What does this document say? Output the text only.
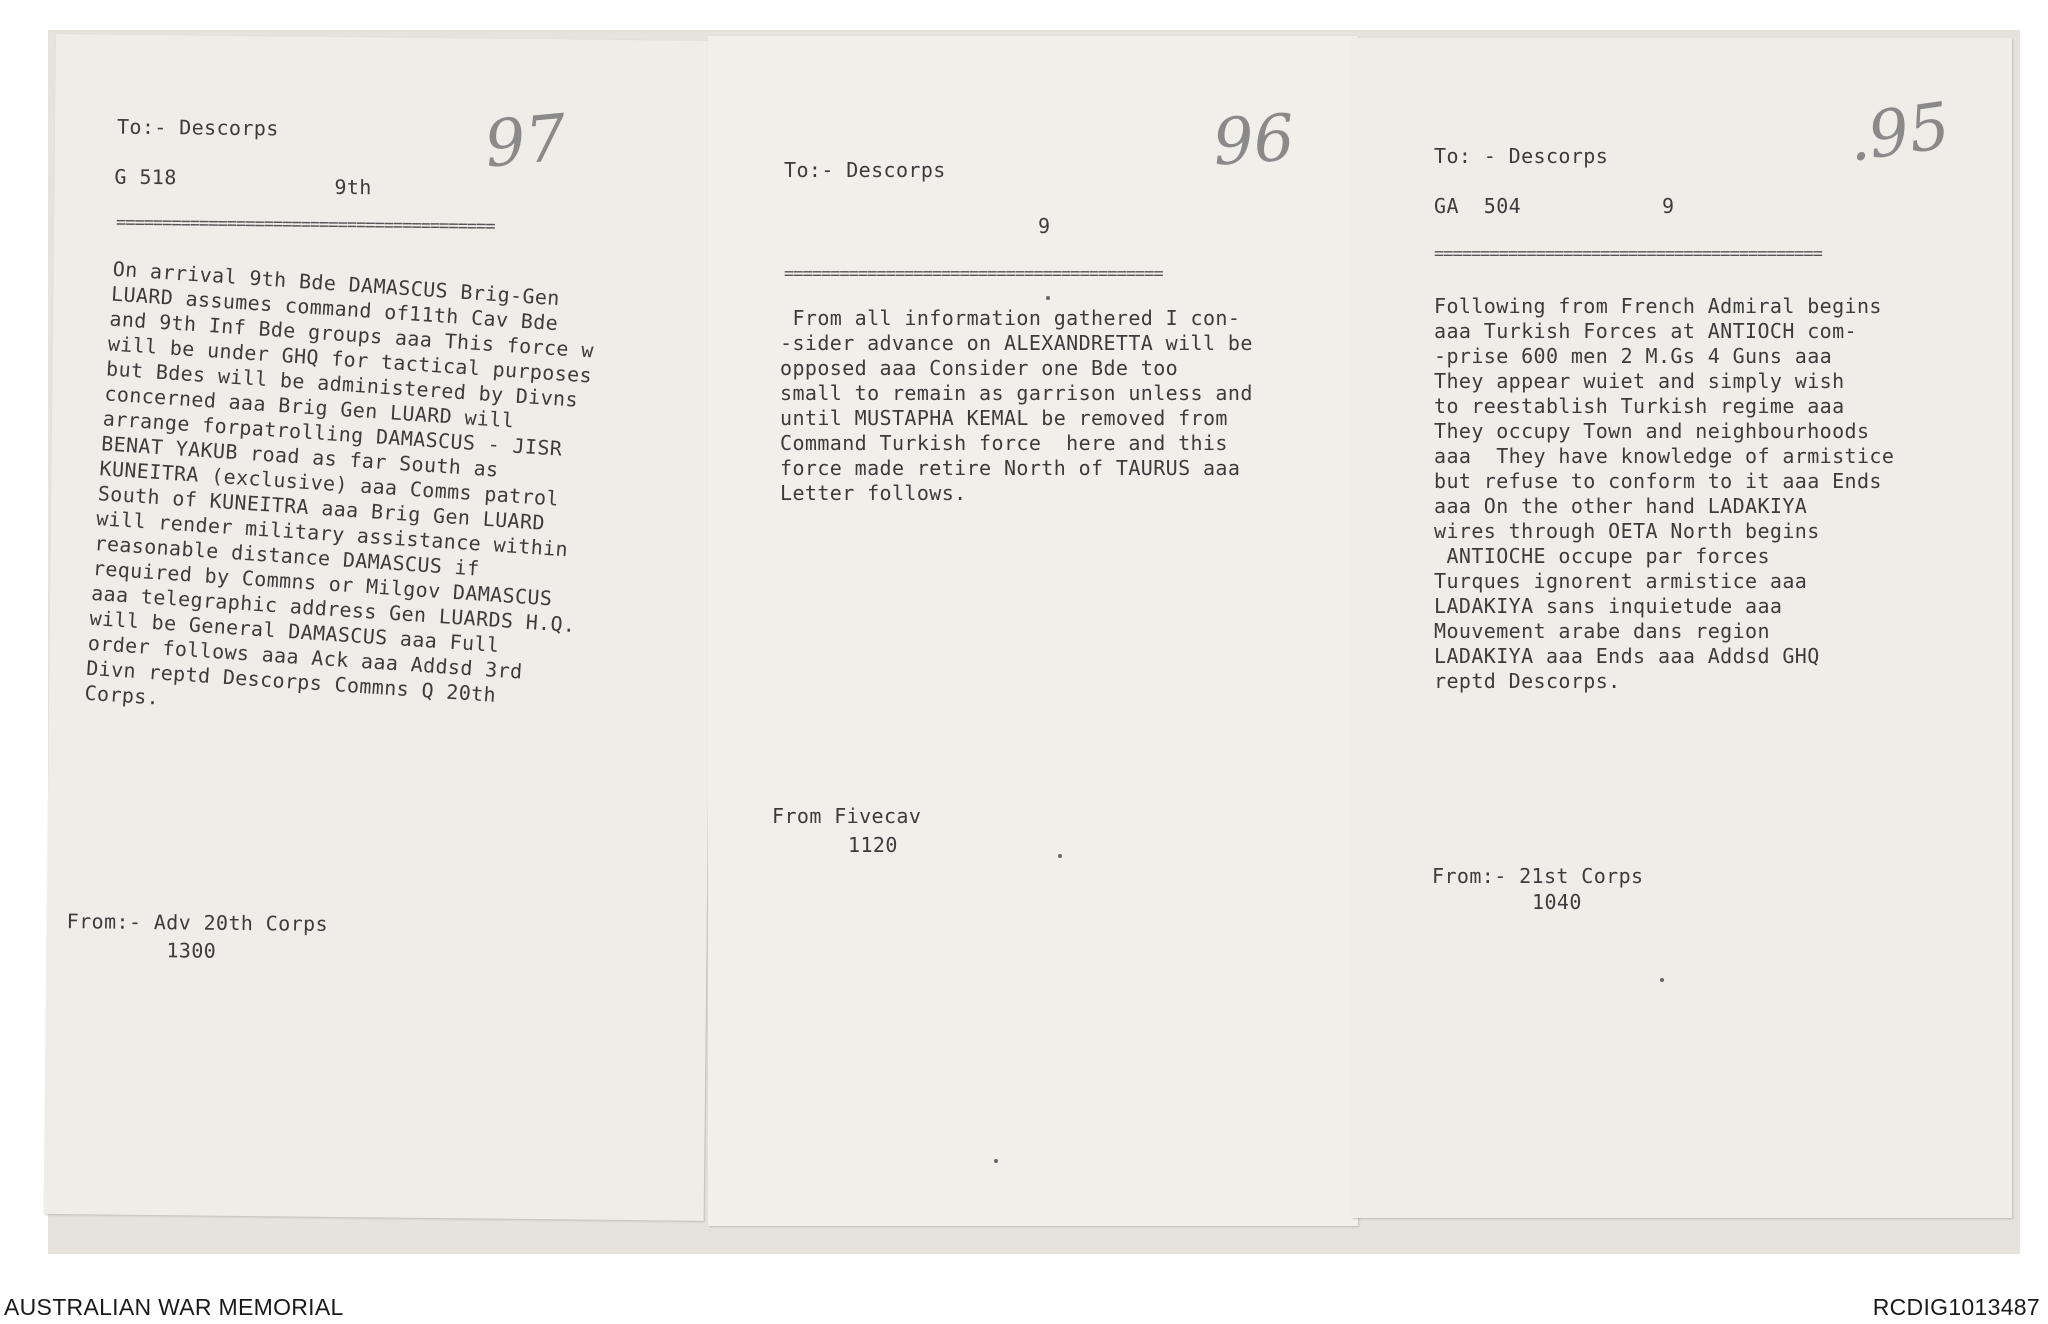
97
To:- Descorps
G 518	9th
=========================================
On arrival 9th Bde DAMASCUS Brig-Gen
LUARD assumes command of11th Cav Bde
and 9th Inf Bde groups aaa This force w
will be under GHQ for tactical purposes
but Bdes will be administered by Divns
concerned aaa Brig Gen LUARD will
arrange forpatrolling DAMASCUS - JISR
BENAT YAKUB road as far South as
KUNEITRA (exclusive) aaa Comms patrol
South of KUNEITRA aaa Brig Gen LUARD
will render military assistance within
reasonable distance DAMASCUS if
required by Commns or Milgov DAMASCUS
aaa telegraphic address Gen LUARDS H.Q.
will be General DAMASCUS aaa Full
order follows aaa Ack aaa Addsd 3rd
Divn reptd Descorps Commns Q 20th
Corps.
From:- Adv 20th Corps
1300
96
To:- Descorps
9
=========================================
From all information gathered I con-
-sider advance on ALEXANDRETTA will be
opposed aaa Consider one Bde too
small to remain as garrison unless and
until MUSTAPHA KEMAL be removed from
Command Turkish force  here and this
force made retire North of TAURUS aaa
Letter follows.
From Fivecav
1120
.95
To: - Descorps
GA  504	9
==========================================
Following from French Admiral begins
aaa Turkish Forces at ANTIOCH com-
-prise 600 men 2 M.Gs 4 Guns aaa
They appear wuiet and simply wish
to reestablish Turkish regime aaa
They occupy Town and neighbourhoods
aaa  They have knowledge of armistice
but refuse to conform to it aaa Ends
aaa On the other hand LADAKIYA
wires through OETA North begins
ANTIOCHE occupe par forces
Turques ignorent armistice aaa
LADAKIYA sans inquietude aaa
Mouvement arabe dans region
LADAKIYA aaa Ends aaa Addsd GHQ
reptd Descorps.
From:- 21st Corps
1040
AUSTRALIAN WAR MEMORIAL	RCDIG1013487
